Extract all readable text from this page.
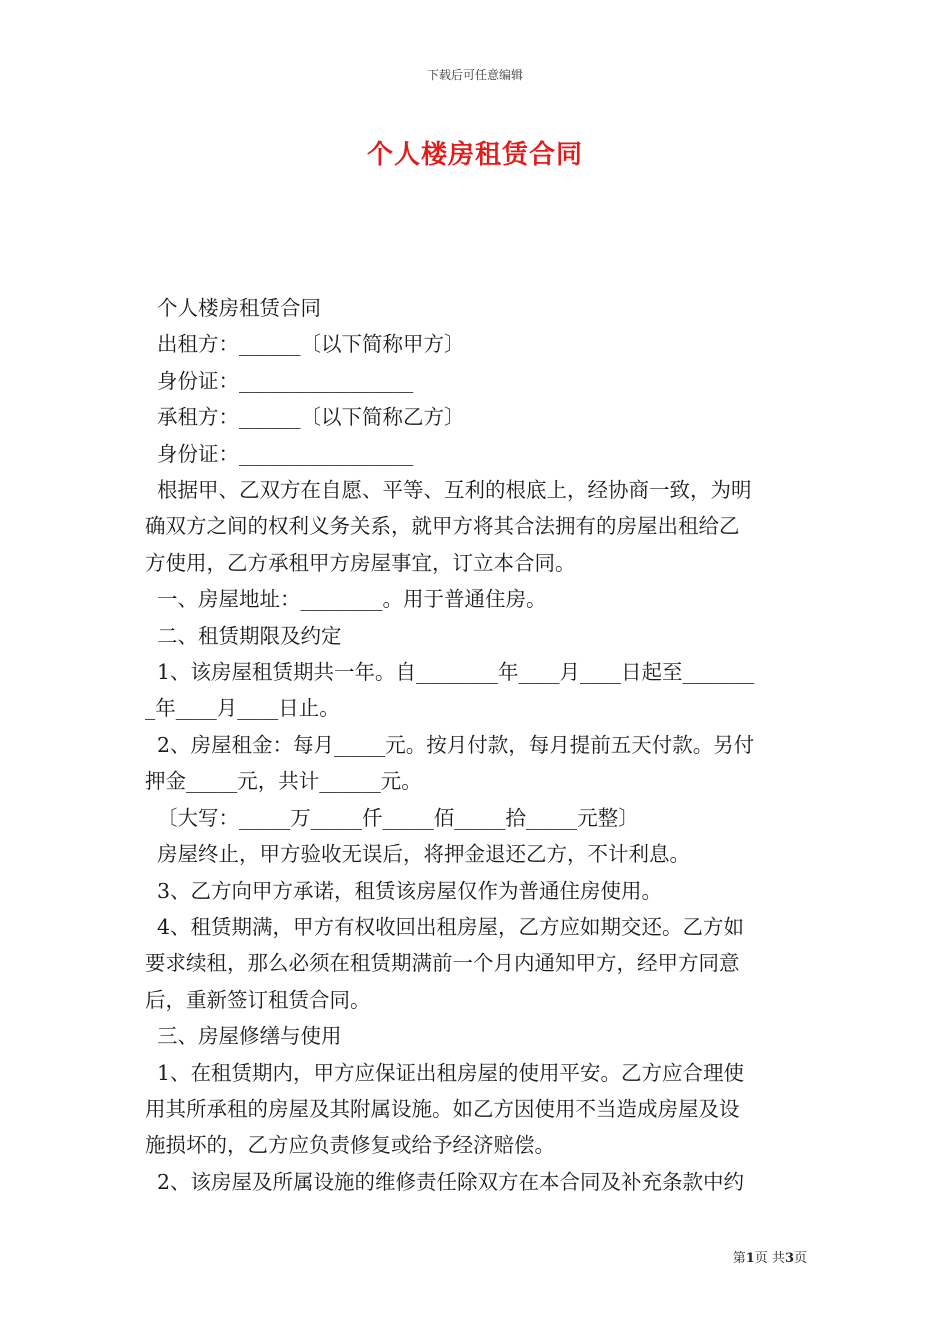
下载后可任意编辑
个人楼房租赁合同
个人楼房租赁合同
出租方：______〔以下简称甲方〕
身份证：_________________
承租方：______〔以下简称乙方〕
身份证：_________________
根据甲、乙双方在自愿、平等、互利的根底上，经协商一致，为明
确双方之间的权利义务关系，就甲方将其合法拥有的房屋出租给乙
方使用，乙方承租甲方房屋事宜，订立本合同。
一、房屋地址：________。用于普通住房。
二、租赁期限及约定
1、该房屋租赁期共一年。自________年____月____日起至_______
_年____月____日止。
2、房屋租金：每月_____元。按月付款，每月提前五天付款。另付
押金_____元，共计______元。
〔大写：_____万_____仟_____佰_____拾_____元整〕
房屋终止，甲方验收无误后，将押金退还乙方，不计利息。
3、乙方向甲方承诺，租赁该房屋仅作为普通住房使用。
4、租赁期满，甲方有权收回出租房屋，乙方应如期交还。乙方如
要求续租，那么必须在租赁期满前一个月内通知甲方，经甲方同意
后，重新签订租赁合同。
三、房屋修缮与使用
1、在租赁期内，甲方应保证出租房屋的使用平安。乙方应合理使
用其所承租的房屋及其附属设施。如乙方因使用不当造成房屋及设
施损坏的，乙方应负责修复或给予经济赔偿。
2、该房屋及所属设施的维修责任除双方在本合同及补充条款中约
第1页 共3页
